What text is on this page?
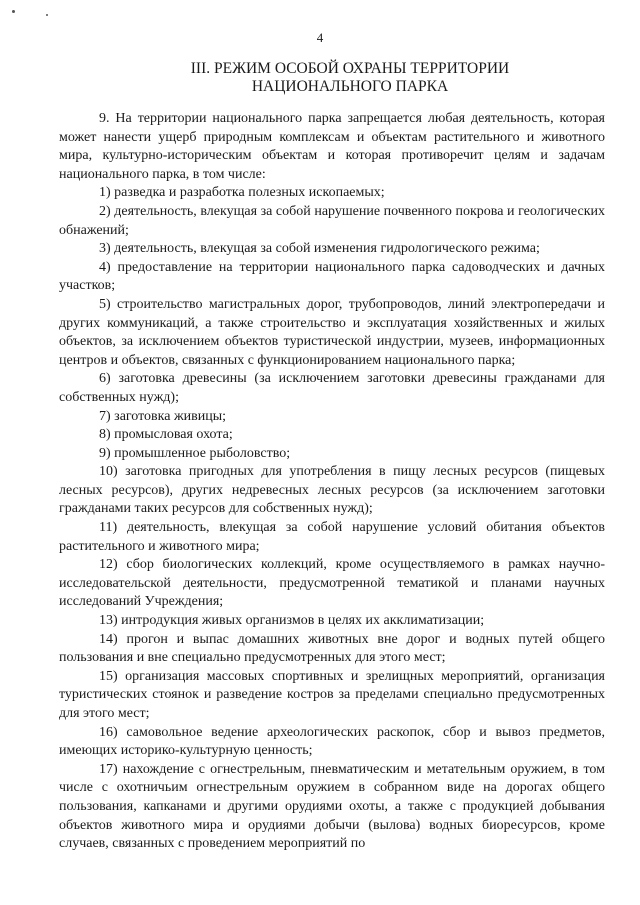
4
III. РЕЖИМ ОСОБОЙ ОХРАНЫ ТЕРРИТОРИИ
НАЦИОНАЛЬНОГО ПАРКА

9. На территории национального парка запрещается любая деятельность, которая может нанести ущерб природным комплексам и объектам растительного и животного мира, культурно-историческим объектам и которая противоречит целям и задачам национального парка, в том числе:

1) разведка и разработка полезных ископаемых;

2) деятельность, влекущая за собой нарушение почвенного покрова и геологических обнажений;

3) деятельность, влекущая за собой изменения гидрологического режима;

4) предоставление на территории национального парка садоводческих и дачных участков;

5) строительство магистральных дорог, трубопроводов, линий электропередачи и других коммуникаций, а также строительство и эксплуатация хозяйственных и жилых объектов, за исключением объектов туристической индустрии, музеев, информационных центров и объектов, связанных с функционированием национального парка;

6) заготовка древесины (за исключением заготовки древесины гражданами для собственных нужд);

7) заготовка живицы;

8) промысловая охота;

9) промышленное рыболовство;

10) заготовка пригодных для употребления в пищу лесных ресурсов (пищевых лесных ресурсов), других недревесных лесных ресурсов (за исключением заготовки гражданами таких ресурсов для собственных нужд);

11) деятельность, влекущая за собой нарушение условий обитания объектов растительного и животного мира;

12) сбор биологических коллекций, кроме осуществляемого в рамках научно-исследовательской деятельности, предусмотренной тематикой и планами научных исследований Учреждения;

13) интродукция живых организмов в целях их акклиматизации;

14) прогон и выпас домашних животных вне дорог и водных путей общего пользования и вне специально предусмотренных для этого мест;

15) организация массовых спортивных и зрелищных мероприятий, организация туристических стоянок и разведение костров за пределами специально предусмотренных для этого мест;

16) самовольное ведение археологических раскопок, сбор и вывоз предметов, имеющих историко-культурную ценность;

17) нахождение с огнестрельным, пневматическим и метательным оружием, в том числе с охотничьим огнестрельным оружием в собранном виде на дорогах общего пользования, капканами и другими орудиями охоты, а также с продукцией добывания объектов животного мира и орудиями добычи (вылова) водных биоресурсов, кроме случаев, связанных с проведением мероприятий по
